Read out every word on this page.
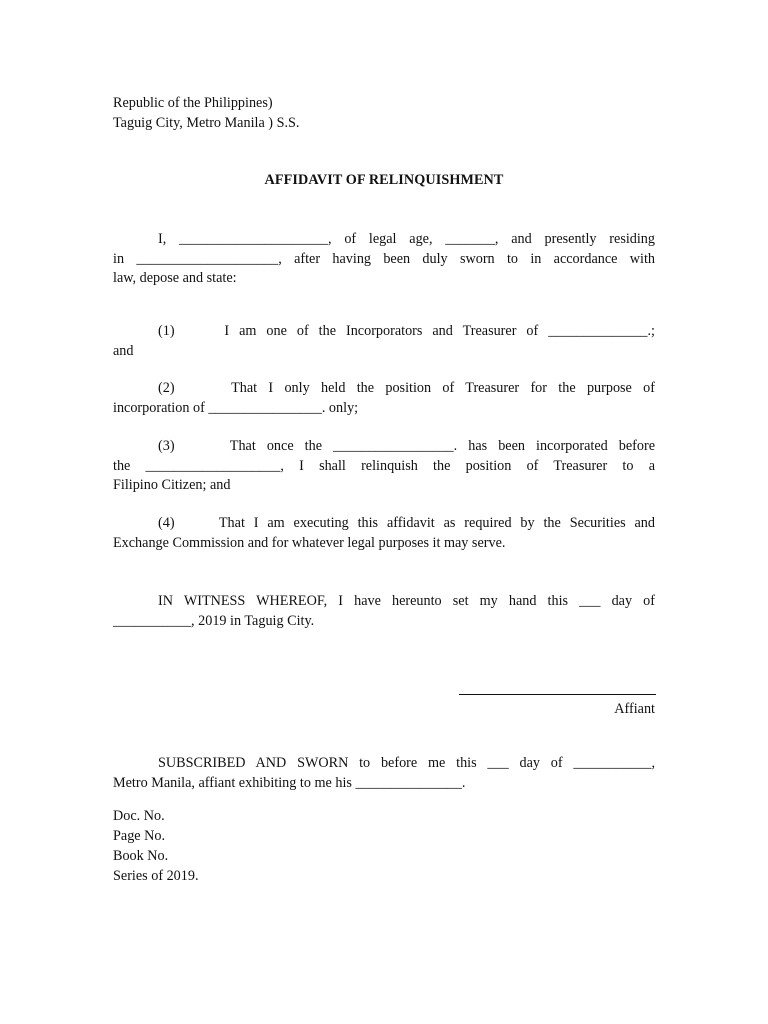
Republic of the Philippines)
Taguig City, Metro Manila ) S.S.
AFFIDAVIT OF RELINQUISHMENT
I, _____________________, of legal age, _______, and presently residing
in ____________________, after having been duly sworn to in accordance with
law, depose and state:
(1)     I am one of the Incorporators and Treasurer of ______________.;
and
(2)     That I only held the position of Treasurer for the purpose of
incorporation of ________________. only;
(3)     That once the _________________. has been incorporated before
the ___________________, I shall relinquish the position of Treasurer to a
Filipino Citizen; and
(4)     That I am executing this affidavit as required by the Securities and
Exchange Commission and for whatever legal purposes it may serve.
IN WITNESS WHEREOF, I have hereunto set my hand this ___ day of
___________, 2019 in Taguig City.
Affiant
SUBSCRIBED AND SWORN to before me this ___ day of ___________,
Metro Manila, affiant exhibiting to me his _______________.
Doc. No.
Page No.
Book No.
Series of 2019.
